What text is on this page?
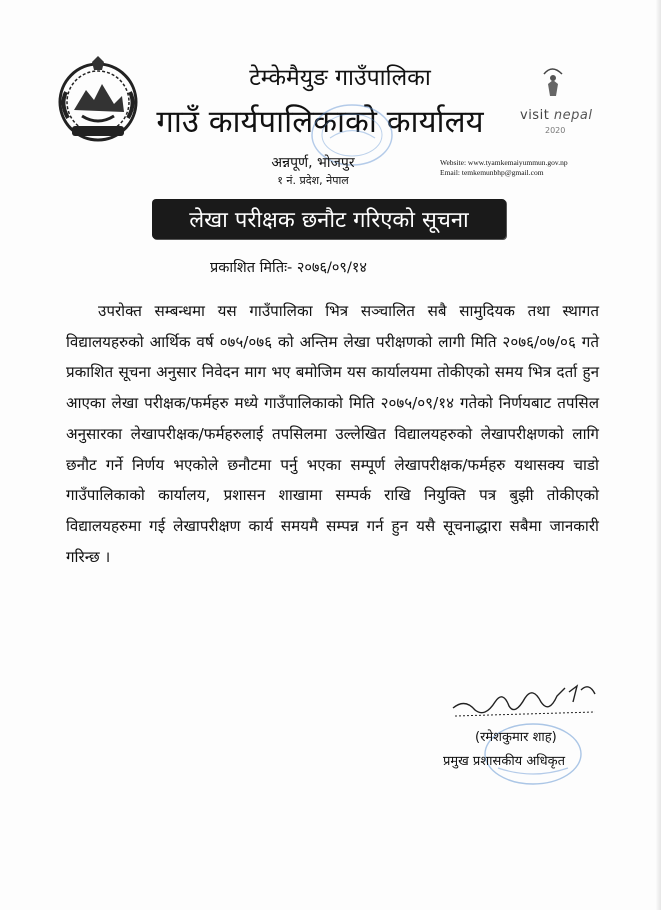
visit nepal
2020
टेम्केमैयुङ गाउँपालिका
गाउँ कार्यपालिकाको कार्यालय
अन्नपूर्ण, भोजपुर
१ नं. प्रदेश, नेपाल
Website: www.tyamkemaiyummun.gov.np
Email: temkemunbhp@gmail.com
लेखा परीक्षक छनौट गरिएको सूचना
प्रकाशित मितिः- २०७६/०९/१४
उपरोक्त सम्बन्धमा यस गाउँपालिका भित्र सञ्चालित सबै सामुदियक तथा स्थागत विद्यालयहरुको आर्थिक वर्ष ०७५/०७६ को अन्तिम लेखा परीक्षणको लागी मिति २०७६/०७/०६ गते प्रकाशित सूचना अनुसार निवेदन माग भए बमोजिम यस कार्यालयमा तोकीएको समय भित्र दर्ता हुन आएका लेखा परीक्षक/फर्महरु मध्ये गाउँपालिकाको मिति २०७५/०९/१४ गतेको निर्णयबाट तपसिल अनुसारका लेखापरीक्षक/फर्महरुलाई तपसिलमा उल्लेखित विद्यालयहरुको लेखापरीक्षणको लागि छनौट गर्ने निर्णय भएकोले छनौटमा पर्नु भएका सम्पूर्ण लेखापरीक्षक/फर्महरु यथासक्य चाडो गाउँपालिकाको कार्यालय, प्रशासन शाखामा सम्पर्क राखि नियुक्ति पत्र बुझी तोकीएको विद्यालयहरुमा गई लेखापरीक्षण कार्य समयमै सम्पन्न गर्न हुन यसै सूचनाद्धारा सबैमा जानकारी गरिन्छ ।
(रमेशकुमार शाह)
प्रमुख प्रशासकीय अधिकृत
